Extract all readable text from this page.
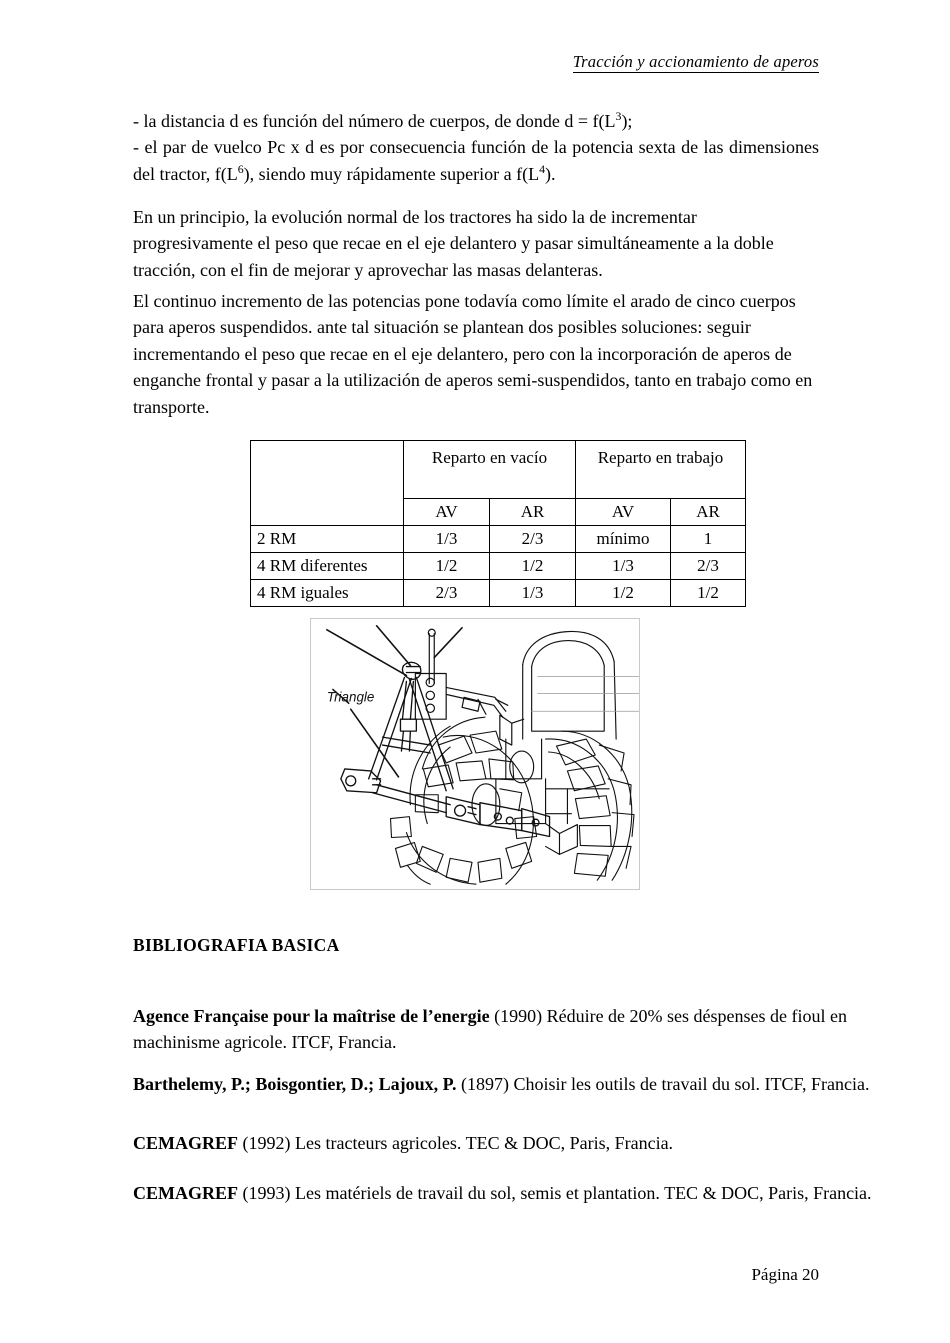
Tracción y accionamiento de aperos

- la distancia d es función del número de cuerpos, de donde $d = f(L^3)$;

- el par de vuelco Pc x d es por consecuencia función de la potencia sexta de las dimensiones del tractor, $f(L^6)$, siendo muy rápidamente superior a $f(L^4)$.

En un principio, la evolución normal de los tractores ha sido la de incrementar progresivamente el peso que recae en el eje delantero y pasar simultáneamente a la doble tracción, con el fin de mejorar y aprovechar las masas delanteras.

El continuo incremento de las potencias pone todavía como límite el arado de cinco cuerpos para aperos suspendidos. ante tal situación se plantean dos posibles soluciones: seguir incrementando el peso que recae en el eje delantero, pero con la incorporación de aperos de enganche frontal y pasar a la utilización de aperos semi-suspendidos, tanto en trabajo como en transporte.

	Reparto en vacío		Reparto en trabajo	
	AV	AR	AV	AR
2 RM	1/3	2/3	mínimo	1
4 RM diferentes	1/2	1/2	1/3	2/3
4 RM iguales	2/3	1/3	1/2	1/2
Triangle
BIBLIOGRAFIA BASICA
Agence Française pour la maîtrise de l’energie (1990) Réduire de 20% ses déspenses de fioul en machinisme agricole. ITCF, Francia.
Barthelemy, P.; Boisgontier, D.; Lajoux, P. (1897) Choisir les outils de travail du sol. ITCF, Francia.
CEMAGREF (1992) Les tracteurs agricoles. TEC & DOC, Paris, Francia.
CEMAGREF (1993) Les matériels de travail du sol, semis et plantation. TEC & DOC, Paris, Francia.
Página 20
